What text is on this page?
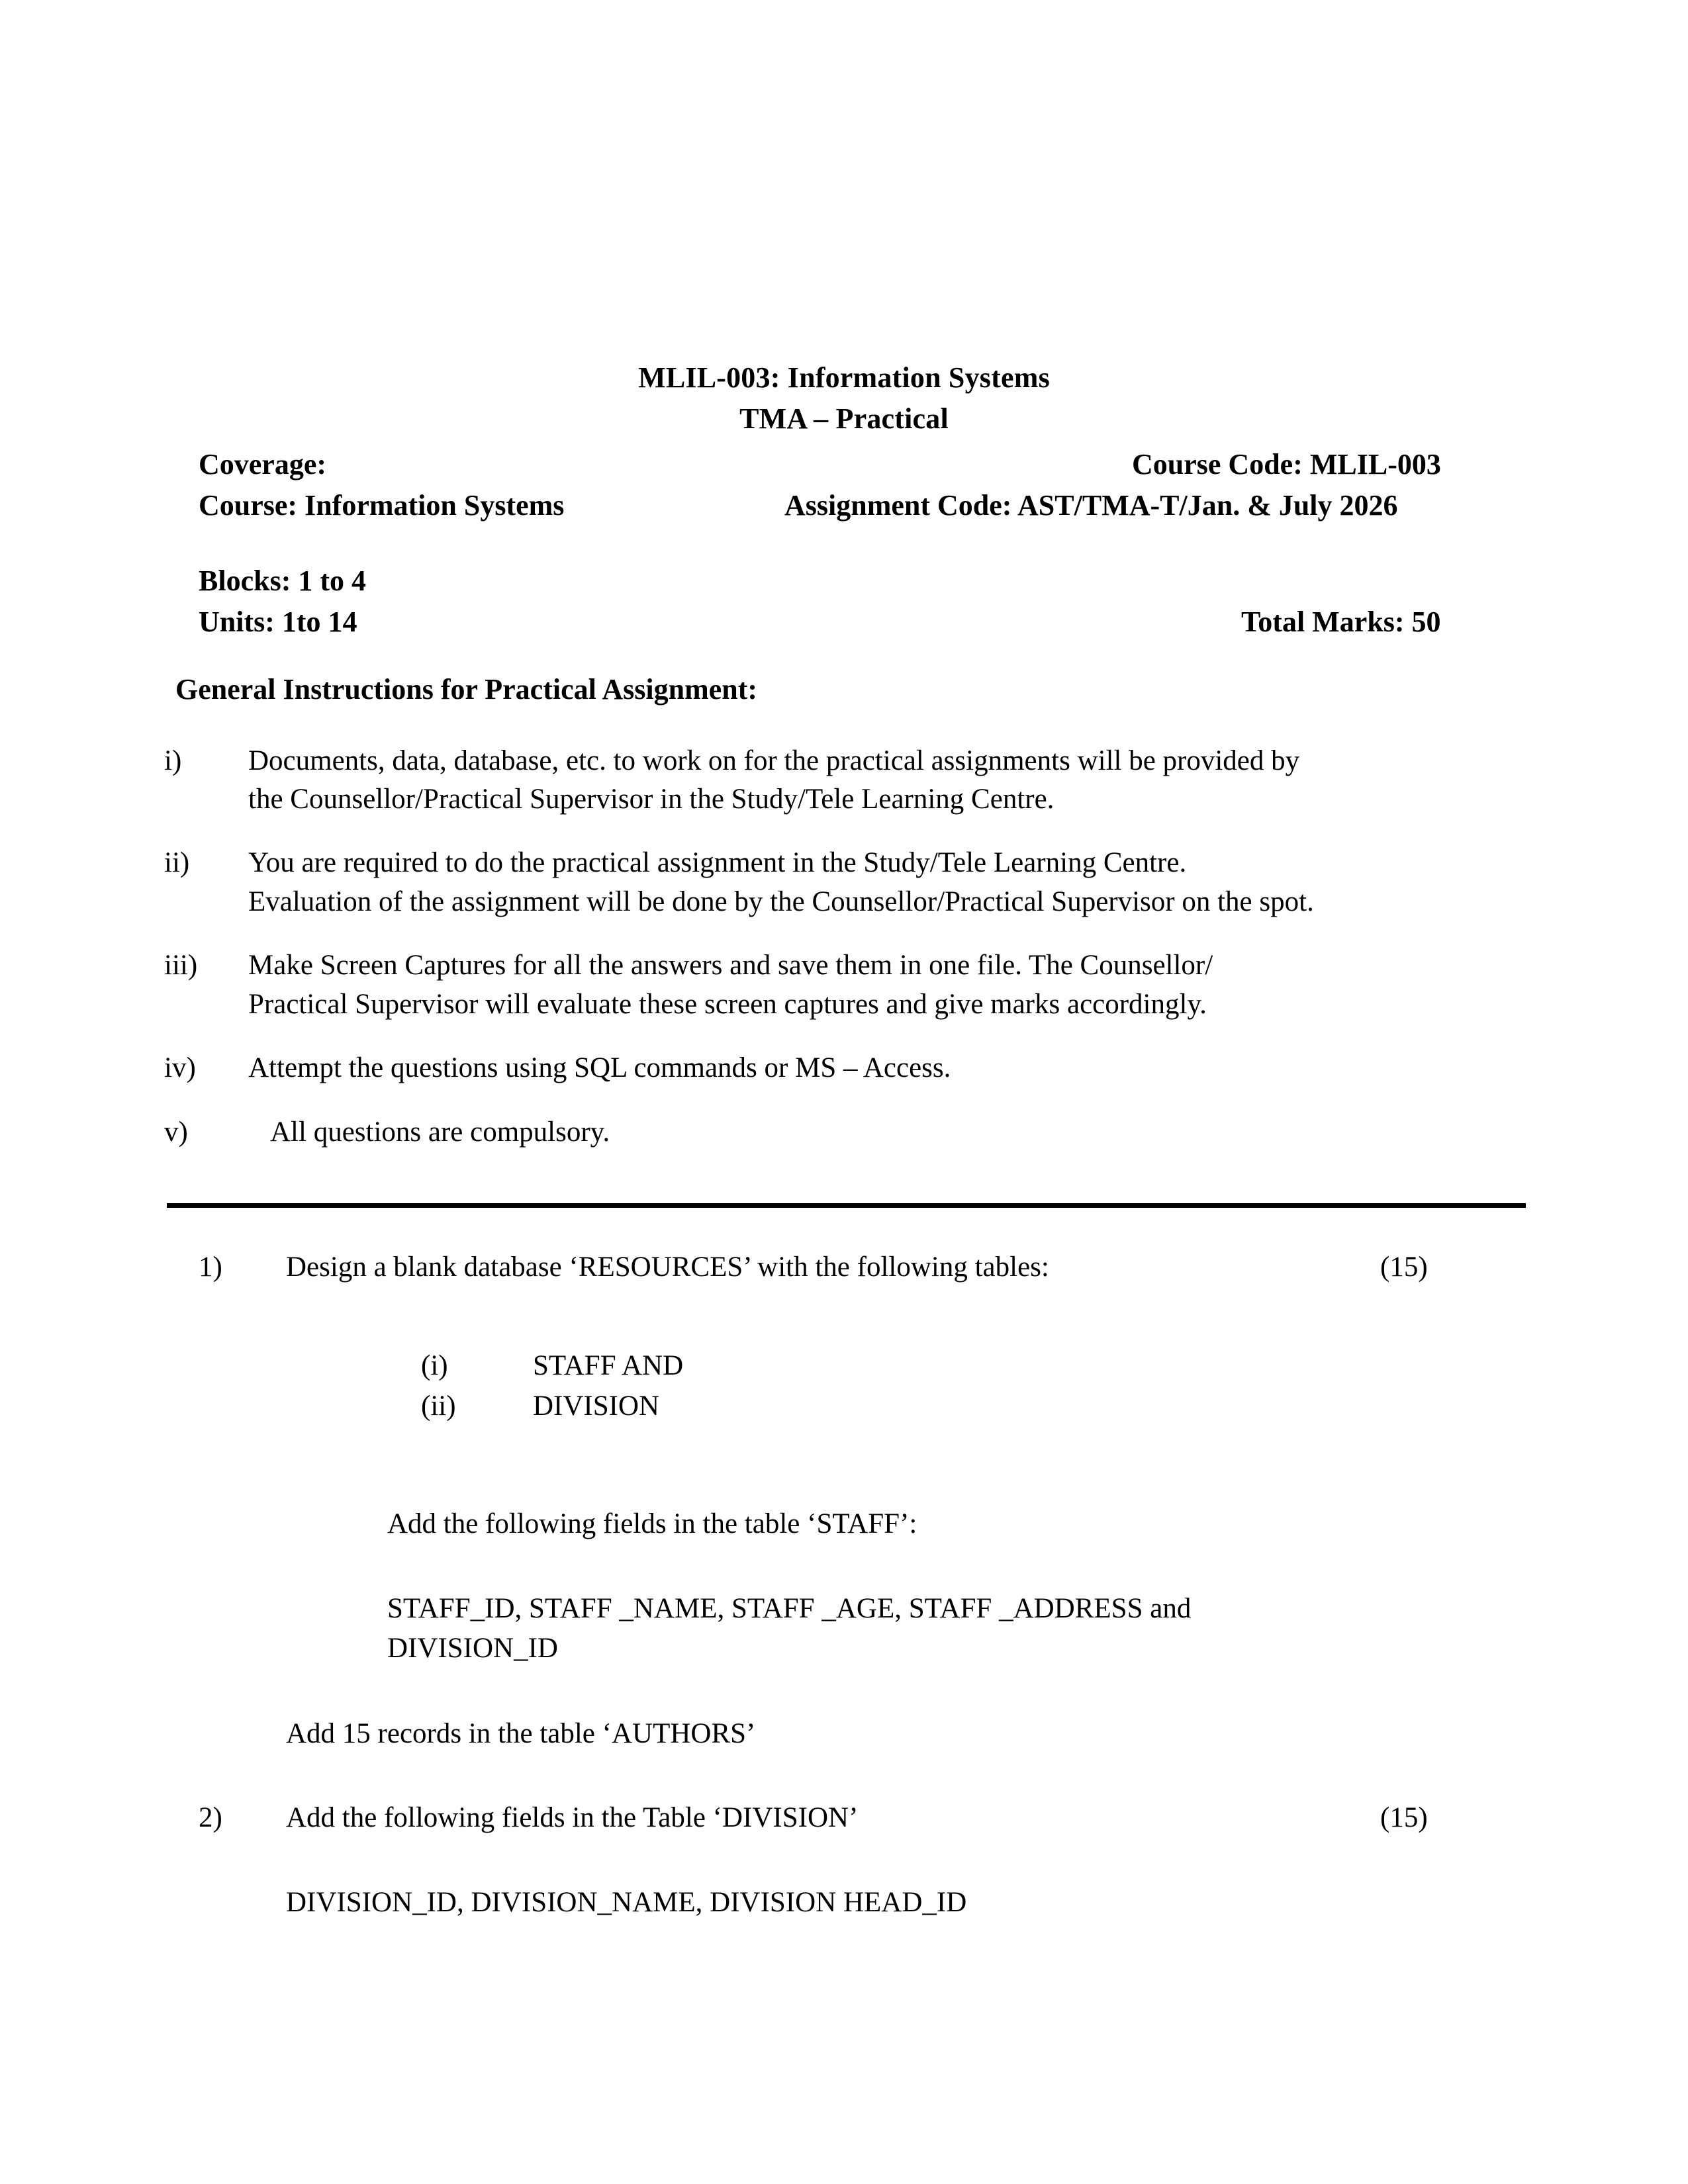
MLIL-003: Information Systems
TMA – Practical
Coverage:	Course Code: MLIL-003
Course: Information Systems	Assignment Code: AST/TMA-T/Jan. & July 2026
Blocks: 1 to 4
Units: 1to 14	Total Marks: 50
General Instructions for Practical Assignment:
i)	Documents, data, database, etc. to work on for the practical assignments will be provided by
the Counsellor/Practical Supervisor in the Study/Tele Learning Centre.
ii)	You are required to do the practical assignment in the Study/Tele Learning Centre.
Evaluation of the assignment will be done by the Counsellor/Practical Supervisor on the spot.
iii)	Make Screen Captures for all the answers and save them in one file. The Counsellor/
Practical Supervisor will evaluate these screen captures and give marks accordingly.
iv)	Attempt the questions using SQL commands or MS – Access.
v)	All questions are compulsory.
1) Design a blank database ‘RESOURCES’ with the following tables:	(15)
(i)	STAFF AND
(ii)	DIVISION
Add the following fields in the table ‘STAFF’:
STAFF_ID, STAFF _NAME, STAFF _AGE, STAFF _ADDRESS and
DIVISION_ID
Add 15 records in the table ‘AUTHORS’
2) Add the following fields in the Table ‘DIVISION’	(15)
DIVISION_ID, DIVISION_NAME, DIVISION HEAD_ID
